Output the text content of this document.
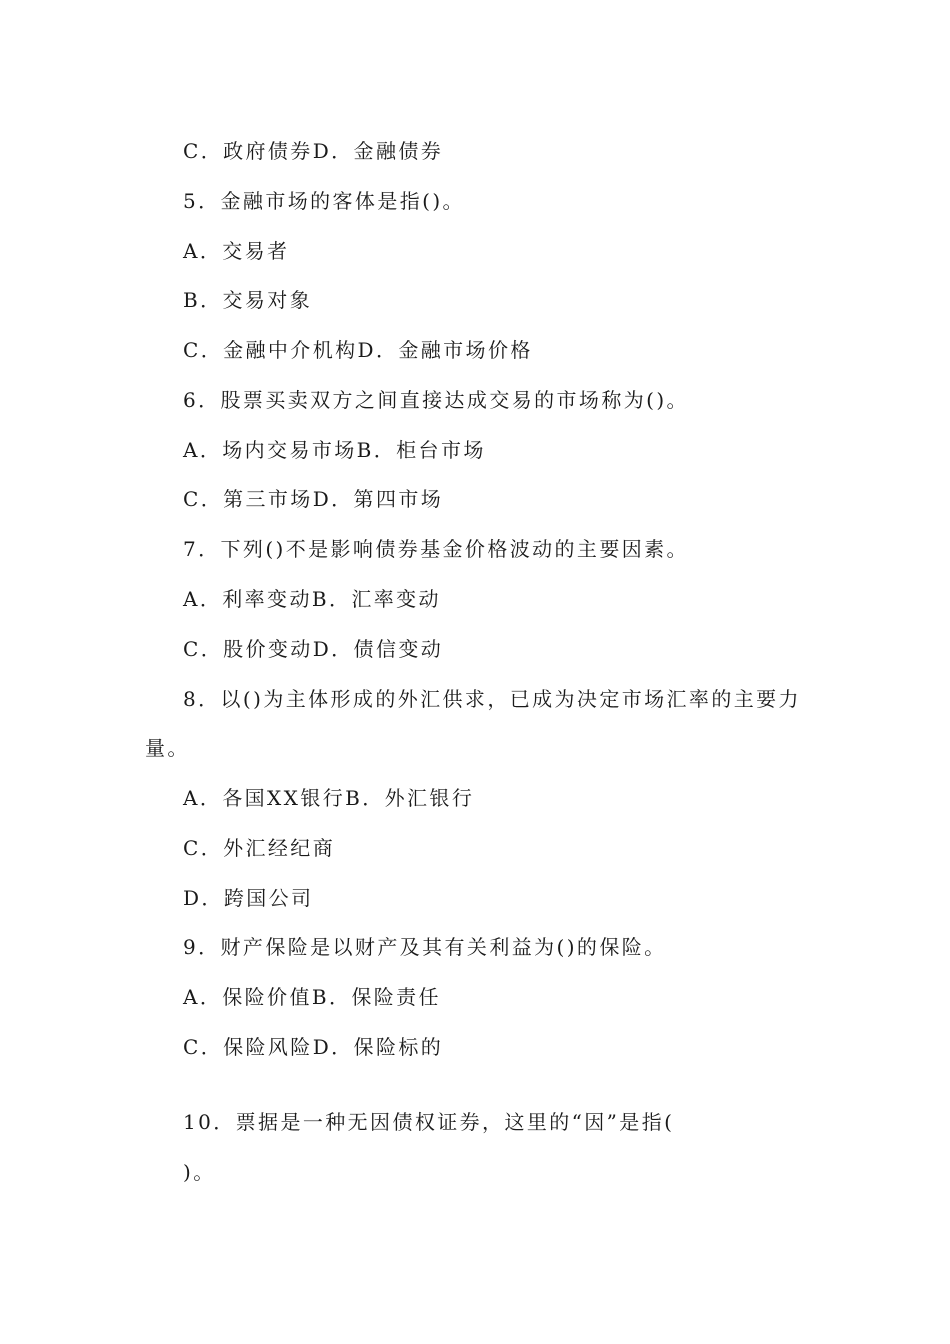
C．政府债券D．金融债券
5．金融市场的客体是指()。
A．交易者
B．交易对象
C．金融中介机构D．金融市场价格
6．股票买卖双方之间直接达成交易的市场称为()。
A．场内交易市场B．柜台市场
C．第三市场D．第四市场
7．下列()不是影响债券基金价格波动的主要因素。
A．利率变动B．汇率变动
C．股价变动D．债信变动
8．以()为主体形成的外汇供求，已成为决定市场汇率的主要力
量。
A．各国XX银行B．外汇银行
C．外汇经纪商
D．跨国公司
9．财产保险是以财产及其有关利益为()的保险。
A．保险价值B．保险责任
C．保险风险D．保险标的
10．票据是一种无因债权证券，这里的“因”是指(
)。
